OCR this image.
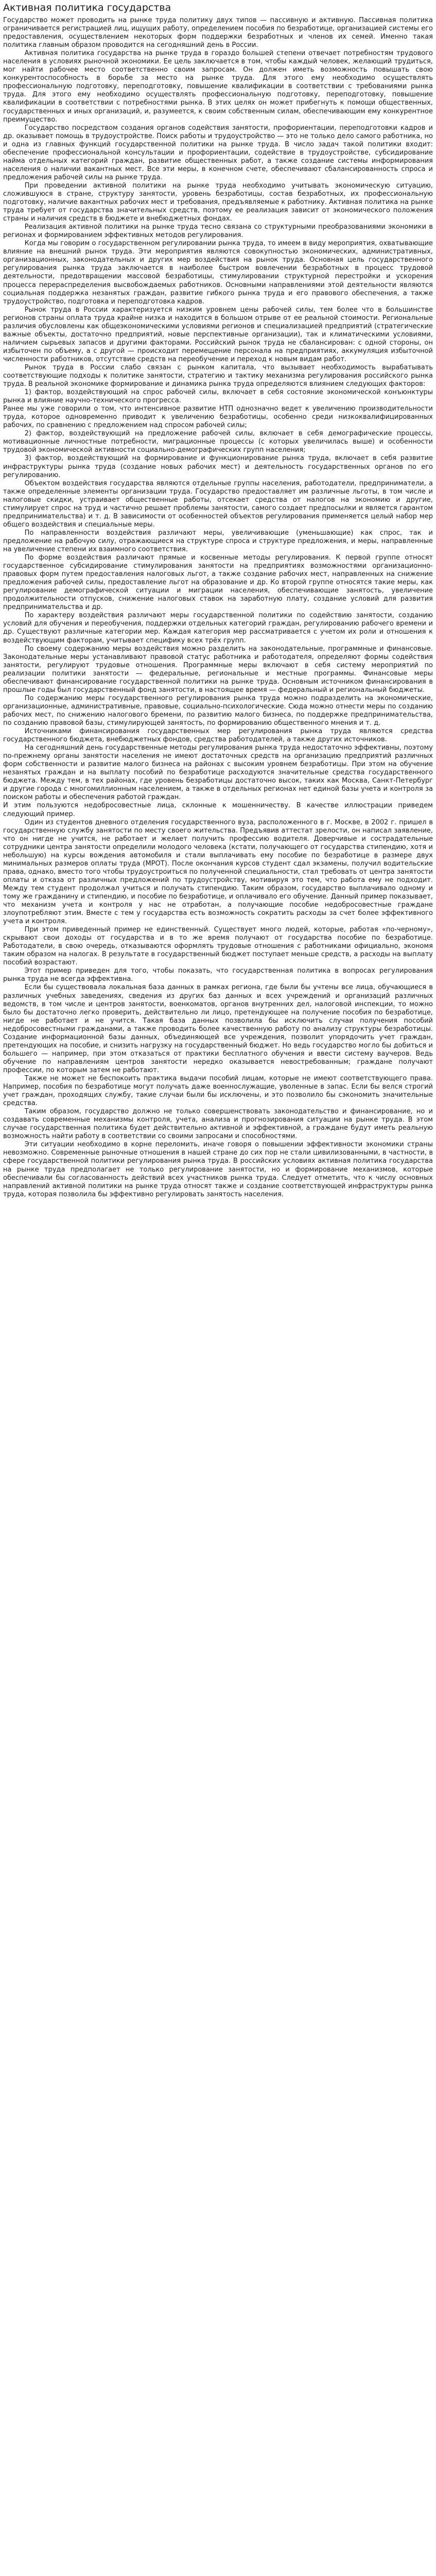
Активная политика государства

Государство может проводить на рынке труда политику двух типов — пассивную и активную. Пассивная политика ограничивается регистрацией лиц, ищущих работу, определением пособия по безработице, организацией системы его предоставления, осуществлением некоторых форм поддержки безработных и членов их семей. Именно такая политика главным образом проводится на сегодняшний день в России.

Активная политика государства на рынке труда в гораздо большей степени отвечает потребностям трудового населения в условиях рыночной экономики. Ее цель заключается в том, чтобы каждый человек, желающий трудиться, мог найти рабочее место соответственно своим запросам. Он должен иметь возможность повышать свою конкурентоспособность в борьбе за место на рынке труда. Для этого ему необходимо осуществлять профессиональную подготовку, переподготовку, повышение квалификации в соответствии с требованиями рынка труда. Для этого ему необходимо осуществлять профессиональную подготовку, переподготовку, повышение квалификации в соответствии с потребностями рынка. В этих целях он может прибегнуть к помощи общественных, государственных и иных организаций, и, разумеется, к своим собственным силам, обеспечивающим ему конкурентное преимущество.

Государство посредством создания органов содействия занятости, профориентации, переподготовки кадров и др. оказывает помощь в трудоустройстве. Поиск работы и трудоустройство — это не только дело самого работника, но и одна из главных функций государственной политики на рынке труда. В число задач такой политики входит: обеспечение профессиональной консультации и профориентации, содействие в трудоустройстве, субсидирование найма отдельных категорий граждан, развитие общественных работ, а также создание системы информирования населения о наличии вакантных мест. Все эти меры, в конечном счете, обеспечивают сбалансированность спроса и предложения рабочей силы на рынке труда.

При проведении активной политики на рынке труда необходимо учитывать экономическую ситуацию, сложившуюся в стране, структуру занятости, уровень безработицы, состав безработных, их профессиональную подготовку, наличие вакантных рабочих мест и требования, предъявляемые к работнику. Активная политика на рынке труда требует от государства значительных средств, поэтому ее реализация зависит от экономического положения страны и наличия средств в бюджете и внебюджетных фондах.

Реализация активной политики на рынке труда тесно связана со структурными преобразованиями экономики в регионах и формированием эффективных методов регулирования.

Когда мы говорим о государственном регулировании рынка труда, то имеем в виду мероприятия, охватывающие влияние на внешний рынок труда. Эти мероприятия являются совокупностью экономических, административных, организационных, законодательных и других мер воздействия на рынок труда. Основная цель государственного регулирования рынка труда заключается в наиболее быстром вовлечении безработных в процесс трудовой деятельности, предотвращении массовой безработицы, стимулировании структурной перестройки и ускорения процесса перераспределения высвобождаемых работников. Основными направлениями этой деятельности являются социальная поддержка незанятых граждан, развитие гибкого рынка труда и его правового обеспечения, а также трудоустройство, подготовка и переподготовка кадров.

Рынок труда в России характеризуется низким уровнем цены рабочей силы, тем более что в большинстве регионов страны оплата труда крайне низка и находится в большом отрыве от ее реальной стоимости. Региональные различия обусловлены как общеэкономическими условиями регионов и специализацией предприятий (стратегические важные объекты, достаточно предприятий, новые перспективные организации), так и климатическими условиями, наличием сырьевых запасов и другими факторами. Российский рынок труда не сбалансирован: с одной стороны, он избыточен по объему, а с другой — происходит перемещение персонала на предприятиях, аккумуляция избыточной численности работников, отсутствие средств на переобучение и переход к новым видам работ.

Рынок труда в России слабо связан с рынком капитала, что вызывает необходимость вырабатывать соответствующие подходы к политике занятости, стратегию и тактику механизма регулирования российского рынка труда. В реальной экономике формирование и динамика рынка труда определяются влиянием следующих факторов:

1) фактор, воздействующий на спрос рабочей силы, включает в себя состояние экономической конъюнктуры рынка и влияние научно-технического прогресса.

Ранее мы уже говорили о том, что интенсивное развитие НТП однозначно ведет к увеличению производительности труда, которое одновременно приводит к увеличению безработицы, особенно среди низкоквалифицированных рабочих, по сравнению с предложением над спросом рабочей силы;

2) фактор, воздействующий на предложение рабочей силы, включает в себя демографические процессы, мотивационные личностные потребности, миграционные процессы (с которых увеличилась выше) и особенности трудовой экономической активности социально-демографических групп населения;

3) фактор, воздействующий на формирование и функционирование рынка труда, включает в себя развитие инфраструктуры рынка труда (создание новых рабочих мест) и деятельность государственных органов по его регулированию.

Объектом воздействия государства являются отдельные группы населения, работодатели, предприниматели, а также определенные элементы организации труда. Государство предоставляет им различные льготы, в том числе и налоговые скидки, устраивает общественные работы, отсекает средства от налогов на экономию и другие, стимулирует спрос на труд и частично решает проблемы занятости, самого создает предпосылки и является гарантом предпринимательства) и т. д. В зависимости от особенностей объектов регулирования применяется целый набор мер общего воздействия и специальные меры.

По направленности воздействия различают меры, увеличивающие (уменьшающие) как спрос, так и предложение на рабочую силу, отражающиеся на структуре спроса и структуре предложения, и меры, направленные на увеличение степени их взаимного соответствия.

По форме воздействия различают прямые и косвенные методы регулирования. К первой группе относят государственное субсидирование стимулирования занятости на предприятиях возможностями организационно-правовых форм путем предоставления налоговых льгот, а также создание рабочих мест, направленных на снижение предложения рабочей силы, предоставление льгот на образование и др. Ко второй группе относятся такие меры, как регулирование демографической ситуации и миграции населения, обеспечивающие занятость, увеличение продолжительности отпусков, снижение налоговых ставок на заработную плату, создание условий для развития предпринимательства и др.

По характеру воздействия различают меры государственной политики по содействию занятости, созданию условий для обучения и переобучения, поддержки отдельных категорий граждан, регулированию рабочего времени и др. Существуют различные категории мер. Каждая категория мер рассматривается с учетом их роли и отношения к воздействующим факторам, учитывает специфику всех трёх групп.

По своему содержанию меры воздействия можно разделить на законодательные, программные и финансовые. Законодательные меры устанавливают правовой статус работника и работодателя, определяют формы содействия занятости, регулируют трудовые отношения. Программные меры включают в себя систему мероприятий по реализации политики занятости — федеральные, региональные и местные программы. Финансовые меры обеспечивают финансирование государственной политики на рынке труда. Основным источником финансирования в прошлые годы был государственный фонд занятости, в настоящее время — федеральный и региональный бюджеты.

По содержанию меры государственного регулирования рынка труда можно подразделить на экономические, организационные, административные, правовые, социально-психологические. Сюда можно отнести меры по созданию рабочих мест, по снижению налогового бремени, по развитию малого бизнеса, по поддержке предпринимательства, по созданию правовой базы, стимулирующей занятость, по формированию общественного мнения и т. д.

Источниками финансирования государственных мер регулирования рынка труда являются средства государственного бюджета, внебюджетных фондов, средства работодателей, а также других источников.

На сегодняшний день государственные методы регулирования рынка труда недостаточно эффективны, поэтому по-прежнему органы занятости населения не имеют достаточных средств на организацию предприятий различных форм собственности и развитие малого бизнеса на районах с высоким уровнем безработицы. При этом на обучение незанятых граждан и на выплату пособий по безработице расходуются значительные средства государственного бюджета. Между тем, в тех районах, где уровень безработицы достаточно высок, таких как Москва, Санкт-Петербург и другие города с многомиллионным населением, а также в отдельных регионах нет единой базы учета и контроля за поиском работы и обеспечения работой граждан.

И этим пользуются недобросовестные лица, склонные к мошенничеству. В качестве иллюстрации приведем следующий пример.

Один из студентов дневного отделения государственного вуза, расположенного в г. Москве, в 2002 г. пришел в государственную службу занятости по месту своего жительства. Предъявив аттестат зрелости, он написал заявление, что он нигде не учится, не работает и желает получить профессию водителя. Доверчивые и сострадательные сотрудники центра занятости определили молодого человека (кстати, получающего от государства стипендию, хотя и небольшую) на курсы вождения автомобиля и стали выплачивать ему пособие по безработице в размере двух минимальных размеров оплаты труда (МРОТ). После окончания курсов студент сдал экзамены, получил водительские права, однако, вместо того чтобы трудоустроиться по полученной специальности, стал требовать от центра занятости оплаты и отказа от различных предложений по трудоустройству, мотивируя это тем, что работа ему не подходит. Между тем студент продолжал учиться и получать стипендию. Таким образом, государство выплачивало одному и тому же гражданину и стипендию, и пособие по безработице, и оплачивало его обучение. Данный пример показывает, что механизм учета и контроля у нас не отработан, а получающие пособие недобросовестные граждане злоупотребляют этим. Вместе с тем у государства есть возможность сократить расходы за счет более эффективного учета и контроля.

При этом приведенный пример не единственный. Существует много людей, которые, работая «по-черному», скрывают свои доходы от государства и в то же время получают от государства пособие по безработице. Работодатели, в свою очередь, отказываются оформлять трудовые отношения с работниками официально, экономя таким образом на налогах. В результате в государственный бюджет поступает меньше средств, а расходы на выплату пособий возрастают.

Этот пример приведен для того, чтобы показать, что государственная политика в вопросах регулирования рынка труда не всегда эффективна.

Если бы существовала локальная база данных в рамках региона, где были бы учтены все лица, обучающиеся в различных учебных заведениях, сведения из других баз данных и всех учреждений и организаций различных ведомств, в том числе и центров занятости, военкоматов, органов внутренних дел, налоговой инспекции, то можно было бы достаточно легко проверить, действительно ли лицо, претендующее на получение пособия по безработице, нигде не работает и не учится. Такая база данных позволила бы исключить случаи получения пособий недобросовестными гражданами, а также проводить более качественную работу по анализу структуры безработицы. Создание информационной базы данных, объединяющей все учреждения, позволит упорядочить учет граждан, претендующих на пособие, и снизить нагрузку на государственный бюджет. Но ведь государство могло бы добиться и большего — например, при этом отказаться от практики бесплатного обучения и ввести систему ваучеров. Ведь обучение по направлениям центров занятости нередко оказывается невостребованным; граждане получают профессии, по которым затем не работают.

Также не может не беспокоить практика выдачи пособий лицам, которые не имеют соответствующего права. Например, пособия по безработице могут получать даже военнослужащие, уволенные в запас. Если бы велся строгий учет граждан, проходящих службу, такие случаи были бы исключены, и это позволило бы сэкономить значительные средства.

Таким образом, государство должно не только совершенствовать законодательство и финансирование, но и создавать современные механизмы контроля, учета, анализа и прогнозирования ситуации на рынке труда. В этом случае государственная политика будет действительно активной и эффективной, а граждане будут иметь реальную возможность найти работу в соответствии со своими запросами и способностями.

Эти ситуации необходимо в корне переломить, иначе говоря о повышении эффективности экономики страны невозможно. Современные рыночные отношения в нашей стране до сих пор не стали цивилизованными, в частности, в сфере государственной политики регулирования рынка труда. В российских условиях активная политика государства на рынке труда предполагает не только регулирование занятости, но и формирование механизмов, которые обеспечивали бы согласованность действий всех участников рынка труда. Следует отметить, что к числу основных направлений активной политики на рынке труда относят также и создание соответствующей инфраструктуры рынка труда, которая позволила бы эффективно регулировать занятость населения.
